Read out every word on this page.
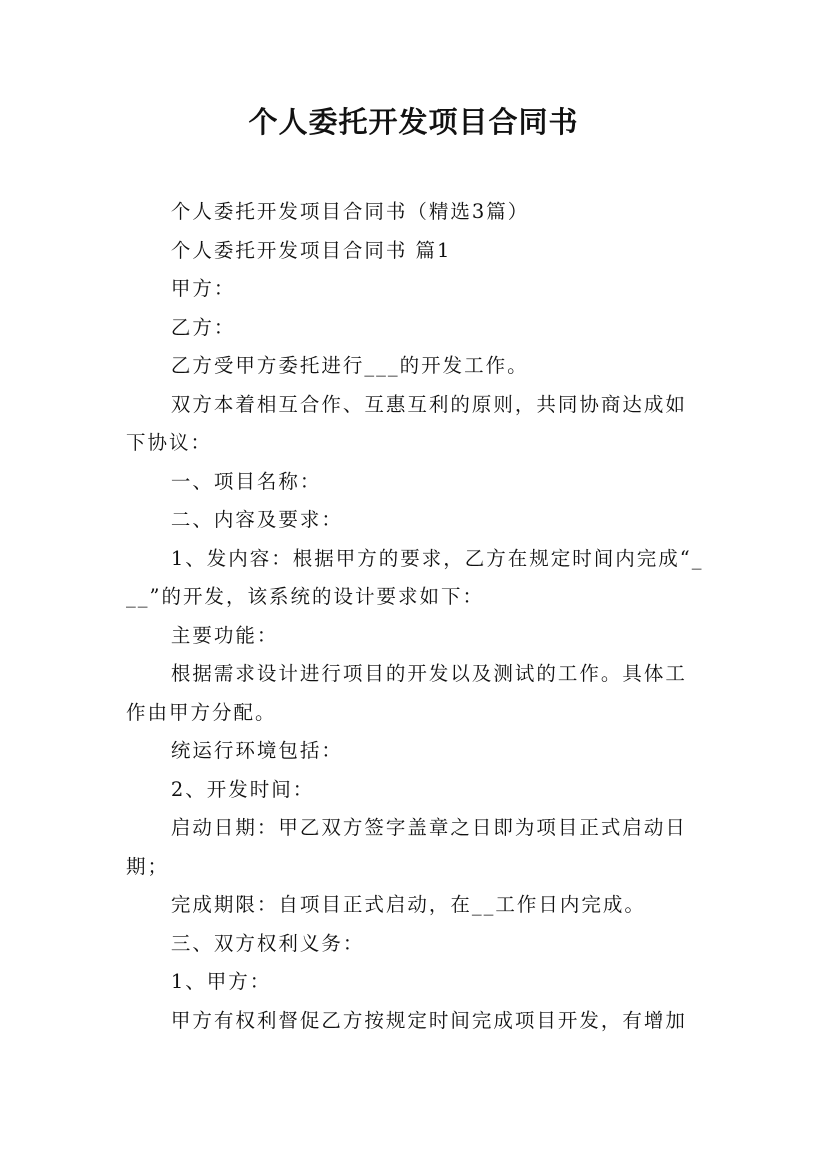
个人委托开发项目合同书

个人委托开发项目合同书（精选3篇）

个人委托开发项目合同书 篇1

甲方：

乙方：

乙方受甲方委托进行___的开发工作。

双方本着相互合作、互惠互利的原则，共同协商达成如下协议：

一、项目名称：

二、内容及要求：

1、发内容：根据甲方的要求，乙方在规定时间内完成“___”的开发，该系统的设计要求如下：

主要功能：

根据需求设计进行项目的开发以及测试的工作。具体工作由甲方分配。

统运行环境包括：

2、开发时间：

启动日期：甲乙双方签字盖章之日即为项目正式启动日期；

完成期限：自项目正式启动，在__工作日内完成。

三、双方权利义务：

1、甲方：

甲方有权利督促乙方按规定时间完成项目开发，有增加
